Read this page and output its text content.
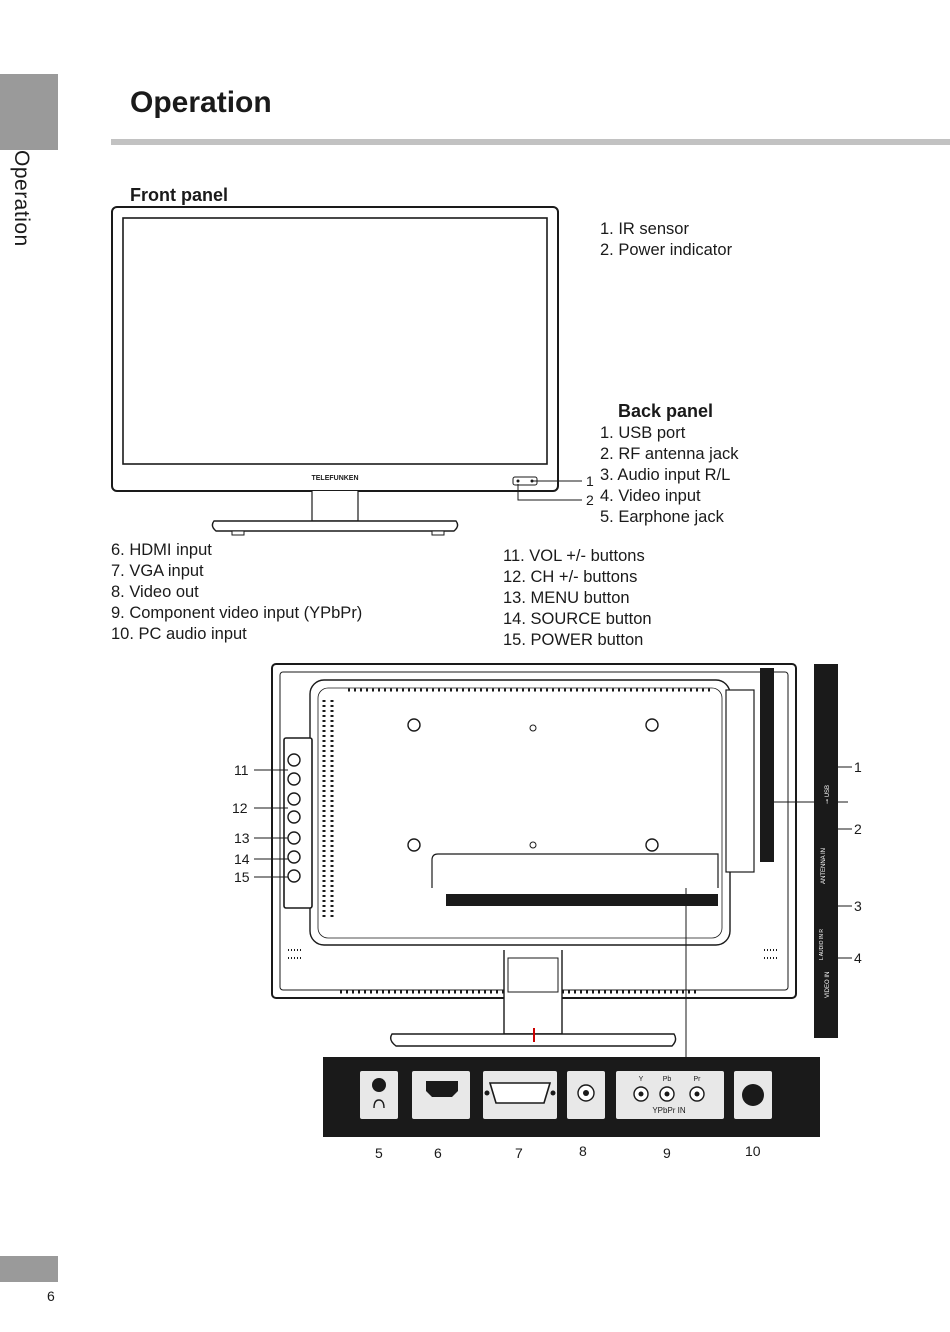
Operation
Operation
Front panel
1. IR sensor
2. Power indicator
Back panel
1. USB port
2. RF antenna jack
3. Audio input R/L
4. Video input
5. Earphone jack
6. HDMI input
7. VGA input
8. Video out
9. Component video input (YPbPr)
10. PC audio input
11. VOL +/- buttons
12. CH +/- buttons
13. MENU button
14. SOURCE button
15. POWER button
TELEFUNKEN	1
2
11
12
13
14
15
⊸ USB
ANTENNA IN
L AUDIO IN R
VIDEO IN
1
2
3
4
Y	Pb	Pr
YPbPr IN
5	6	7	8	9	10
6
